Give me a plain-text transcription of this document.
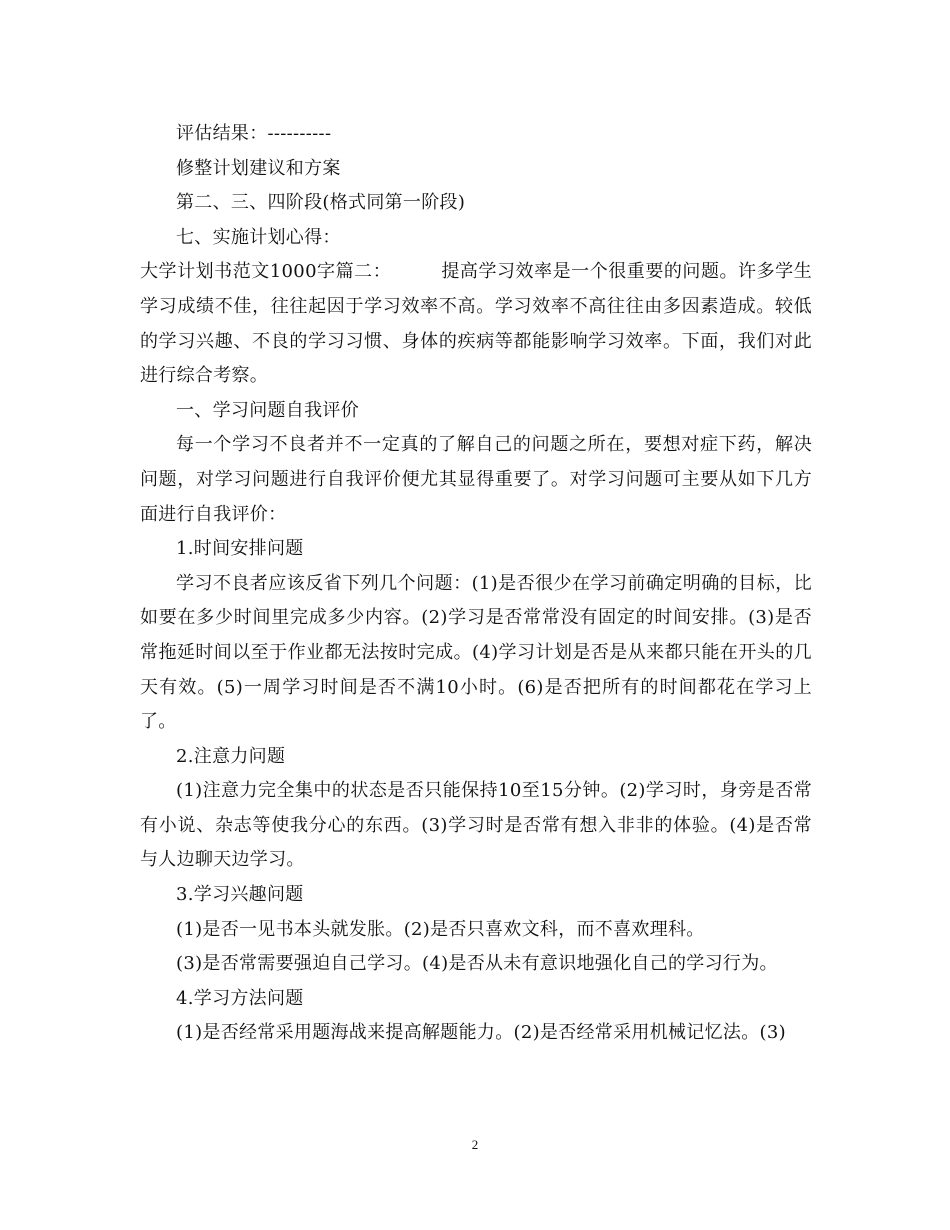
评估结果：----------

修整计划建议和方案

第二、三、四阶段(格式同第一阶段)

七、实施计划心得：

大学计划书范文1000字篇二：        提高学习效率是一个很重要的问题。许多学生学习成绩不佳，往往起因于学习效率不高。学习效率不高往往由多因素造成。较低的学习兴趣、不良的学习习惯、身体的疾病等都能影响学习效率。下面，我们对此进行综合考察。

一、学习问题自我评价

每一个学习不良者并不一定真的了解自己的问题之所在，要想对症下药，解决问题，对学习问题进行自我评价便尤其显得重要了。对学习问题可主要从如下几方面进行自我评价：

1.时间安排问题

学习不良者应该反省下列几个问题：(1)是否很少在学习前确定明确的目标，比如要在多少时间里完成多少内容。(2)学习是否常常没有固定的时间安排。(3)是否常拖延时间以至于作业都无法按时完成。(4)学习计划是否是从来都只能在开头的几天有效。(5)一周学习时间是否不满10小时。(6)是否把所有的时间都花在学习上了。

2.注意力问题

(1)注意力完全集中的状态是否只能保持10至15分钟。(2)学习时，身旁是否常有小说、杂志等使我分心的东西。(3)学习时是否常有想入非非的体验。(4)是否常与人边聊天边学习。

3.学习兴趣问题

(1)是否一见书本头就发胀。(2)是否只喜欢文科，而不喜欢理科。

(3)是否常需要强迫自己学习。(4)是否从未有意识地强化自己的学习行为。

4.学习方法问题

(1)是否经常采用题海战来提高解题能力。(2)是否经常采用机械记忆法。(3)

2
